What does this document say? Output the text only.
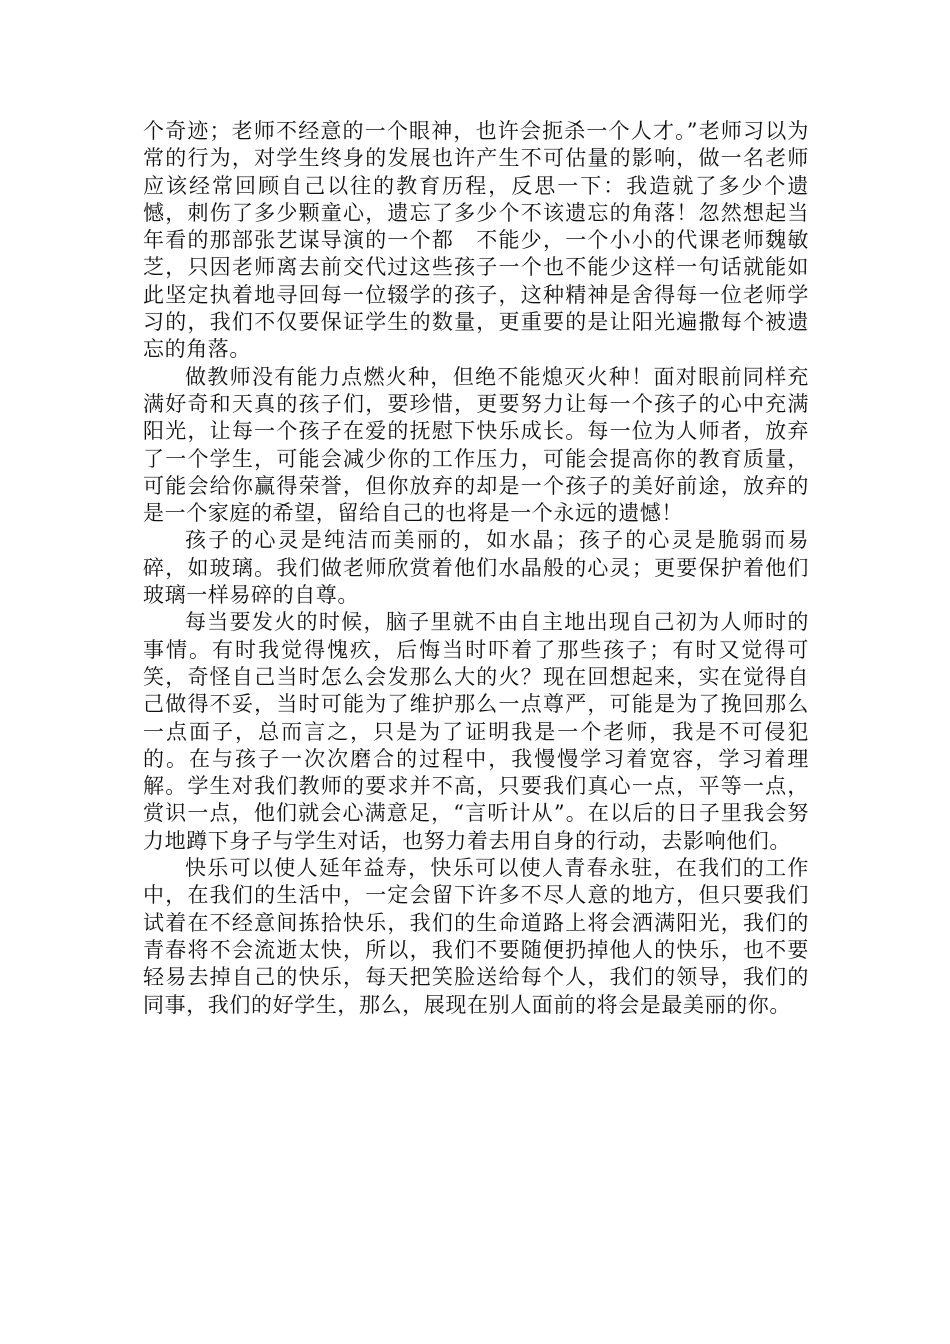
个奇迹；老师不经意的一个眼神，也许会扼杀一个人才。”老师习以为常的行为，对学生终身的发展也许产生不可估量的影响，做一名老师应该经常回顾自己以往的教育历程，反思一下：我造就了多少个遗憾，刺伤了多少颗童心，遗忘了多少个不该遗忘的角落！忽然想起当年看的那部张艺谋导演的一个都　不能少，一个小小的代课老师魏敏芝，只因老师离去前交代过这些孩子一个也不能少这样一句话就能如此坚定执着地寻回每一位辍学的孩子，这种精神是舍得每一位老师学习的，我们不仅要保证学生的数量，更重要的是让阳光遍撒每个被遗忘的角落。

做教师没有能力点燃火种，但绝不能熄灭火种！面对眼前同样充满好奇和天真的孩子们，要珍惜，更要努力让每一个孩子的心中充满阳光，让每一个孩子在爱的抚慰下快乐成长。每一位为人师者，放弃了一个学生，可能会减少你的工作压力，可能会提高你的教育质量，可能会给你赢得荣誉，但你放弃的却是一个孩子的美好前途，放弃的是一个家庭的希望，留给自己的也将是一个永远的遗憾！

孩子的心灵是纯洁而美丽的，如水晶；孩子的心灵是脆弱而易碎，如玻璃。我们做老师欣赏着他们水晶般的心灵；更要保护着他们玻璃一样易碎的自尊。

每当要发火的时候，脑子里就不由自主地出现自己初为人师时的事情。有时我觉得愧疚，后悔当时吓着了那些孩子；有时又觉得可笑，奇怪自己当时怎么会发那么大的火？现在回想起来，实在觉得自己做得不妥，当时可能为了维护那么一点尊严，可能是为了挽回那么一点面子，总而言之，只是为了证明我是一个老师，我是不可侵犯的。在与孩子一次次磨合的过程中，我慢慢学习着宽容，学习着理解。学生对我们教师的要求并不高，只要我们真心一点，平等一点，赏识一点，他们就会心满意足，“言听计从”。在以后的日子里我会努力地蹲下身子与学生对话，也努力着去用自身的行动，去影响他们。

快乐可以使人延年益寿，快乐可以使人青春永驻，在我们的工作中，在我们的生活中，一定会留下许多不尽人意的地方，但只要我们试着在不经意间拣拾快乐，我们的生命道路上将会洒满阳光，我们的青春将不会流逝太快，所以，我们不要随便扔掉他人的快乐，也不要轻易去掉自己的快乐，每天把笑脸送给每个人，我们的领导，我们的同事，我们的好学生，那么，展现在别人面前的将会是最美丽的你。
